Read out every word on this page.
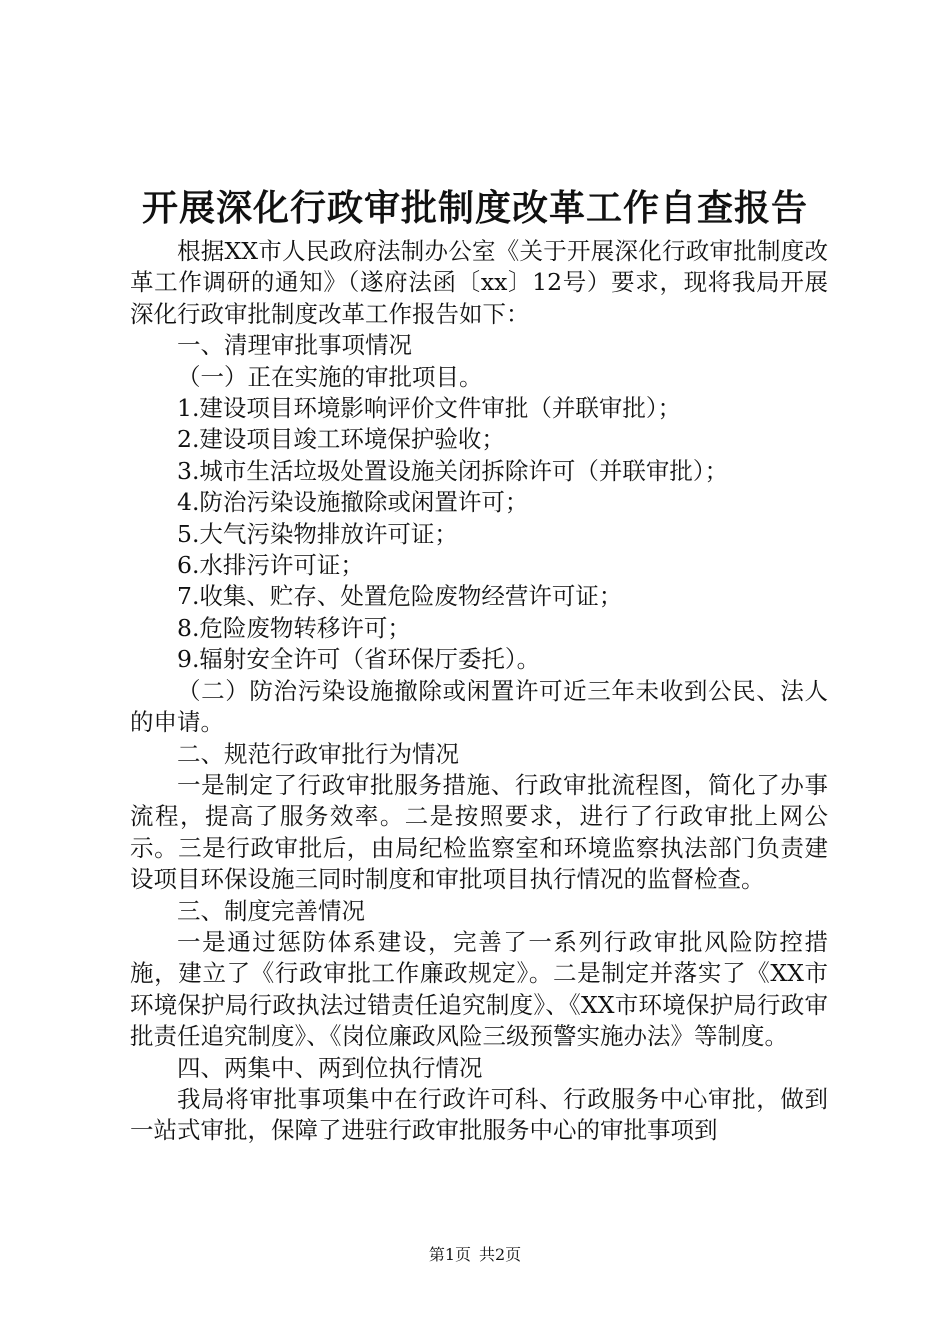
开展深化行政审批制度改革工作自查报告

根据XX市人民政府法制办公室《关于开展深化行政审批制度改革工作调研的通知》（遂府法函〔xx〕12号）要求，现将我局开展深化行政审批制度改革工作报告如下：

一、清理审批事项情况

（一）正在实施的审批项目。

1.建设项目环境影响评价文件审批（并联审批）；

2.建设项目竣工环境保护验收；

3.城市生活垃圾处置设施关闭拆除许可（并联审批）；

4.防治污染设施撤除或闲置许可；

5.大气污染物排放许可证；

6.水排污许可证；

7.收集、贮存、处置危险废物经营许可证；

8.危险废物转移许可；

9.辐射安全许可（省环保厅委托）。

（二）防治污染设施撤除或闲置许可近三年未收到公民、法人的申请。

二、规范行政审批行为情况

一是制定了行政审批服务措施、行政审批流程图，简化了办事流程，提高了服务效率。二是按照要求，进行了行政审批上网公示。三是行政审批后，由局纪检监察室和环境监察执法部门负责建设项目环保设施三同时制度和审批项目执行情况的监督检查。

三、制度完善情况

一是通过惩防体系建设，完善了一系列行政审批风险防控措施，建立了《行政审批工作廉政规定》。二是制定并落实了《XX市环境保护局行政执法过错责任追究制度》、《XX市环境保护局行政审批责任追究制度》、《岗位廉政风险三级预警实施办法》等制度。

四、两集中、两到位执行情况

我局将审批事项集中在行政许可科、行政服务中心审批，做到一站式审批，保障了进驻行政审批服务中心的审批事项到

第1页 共2页
